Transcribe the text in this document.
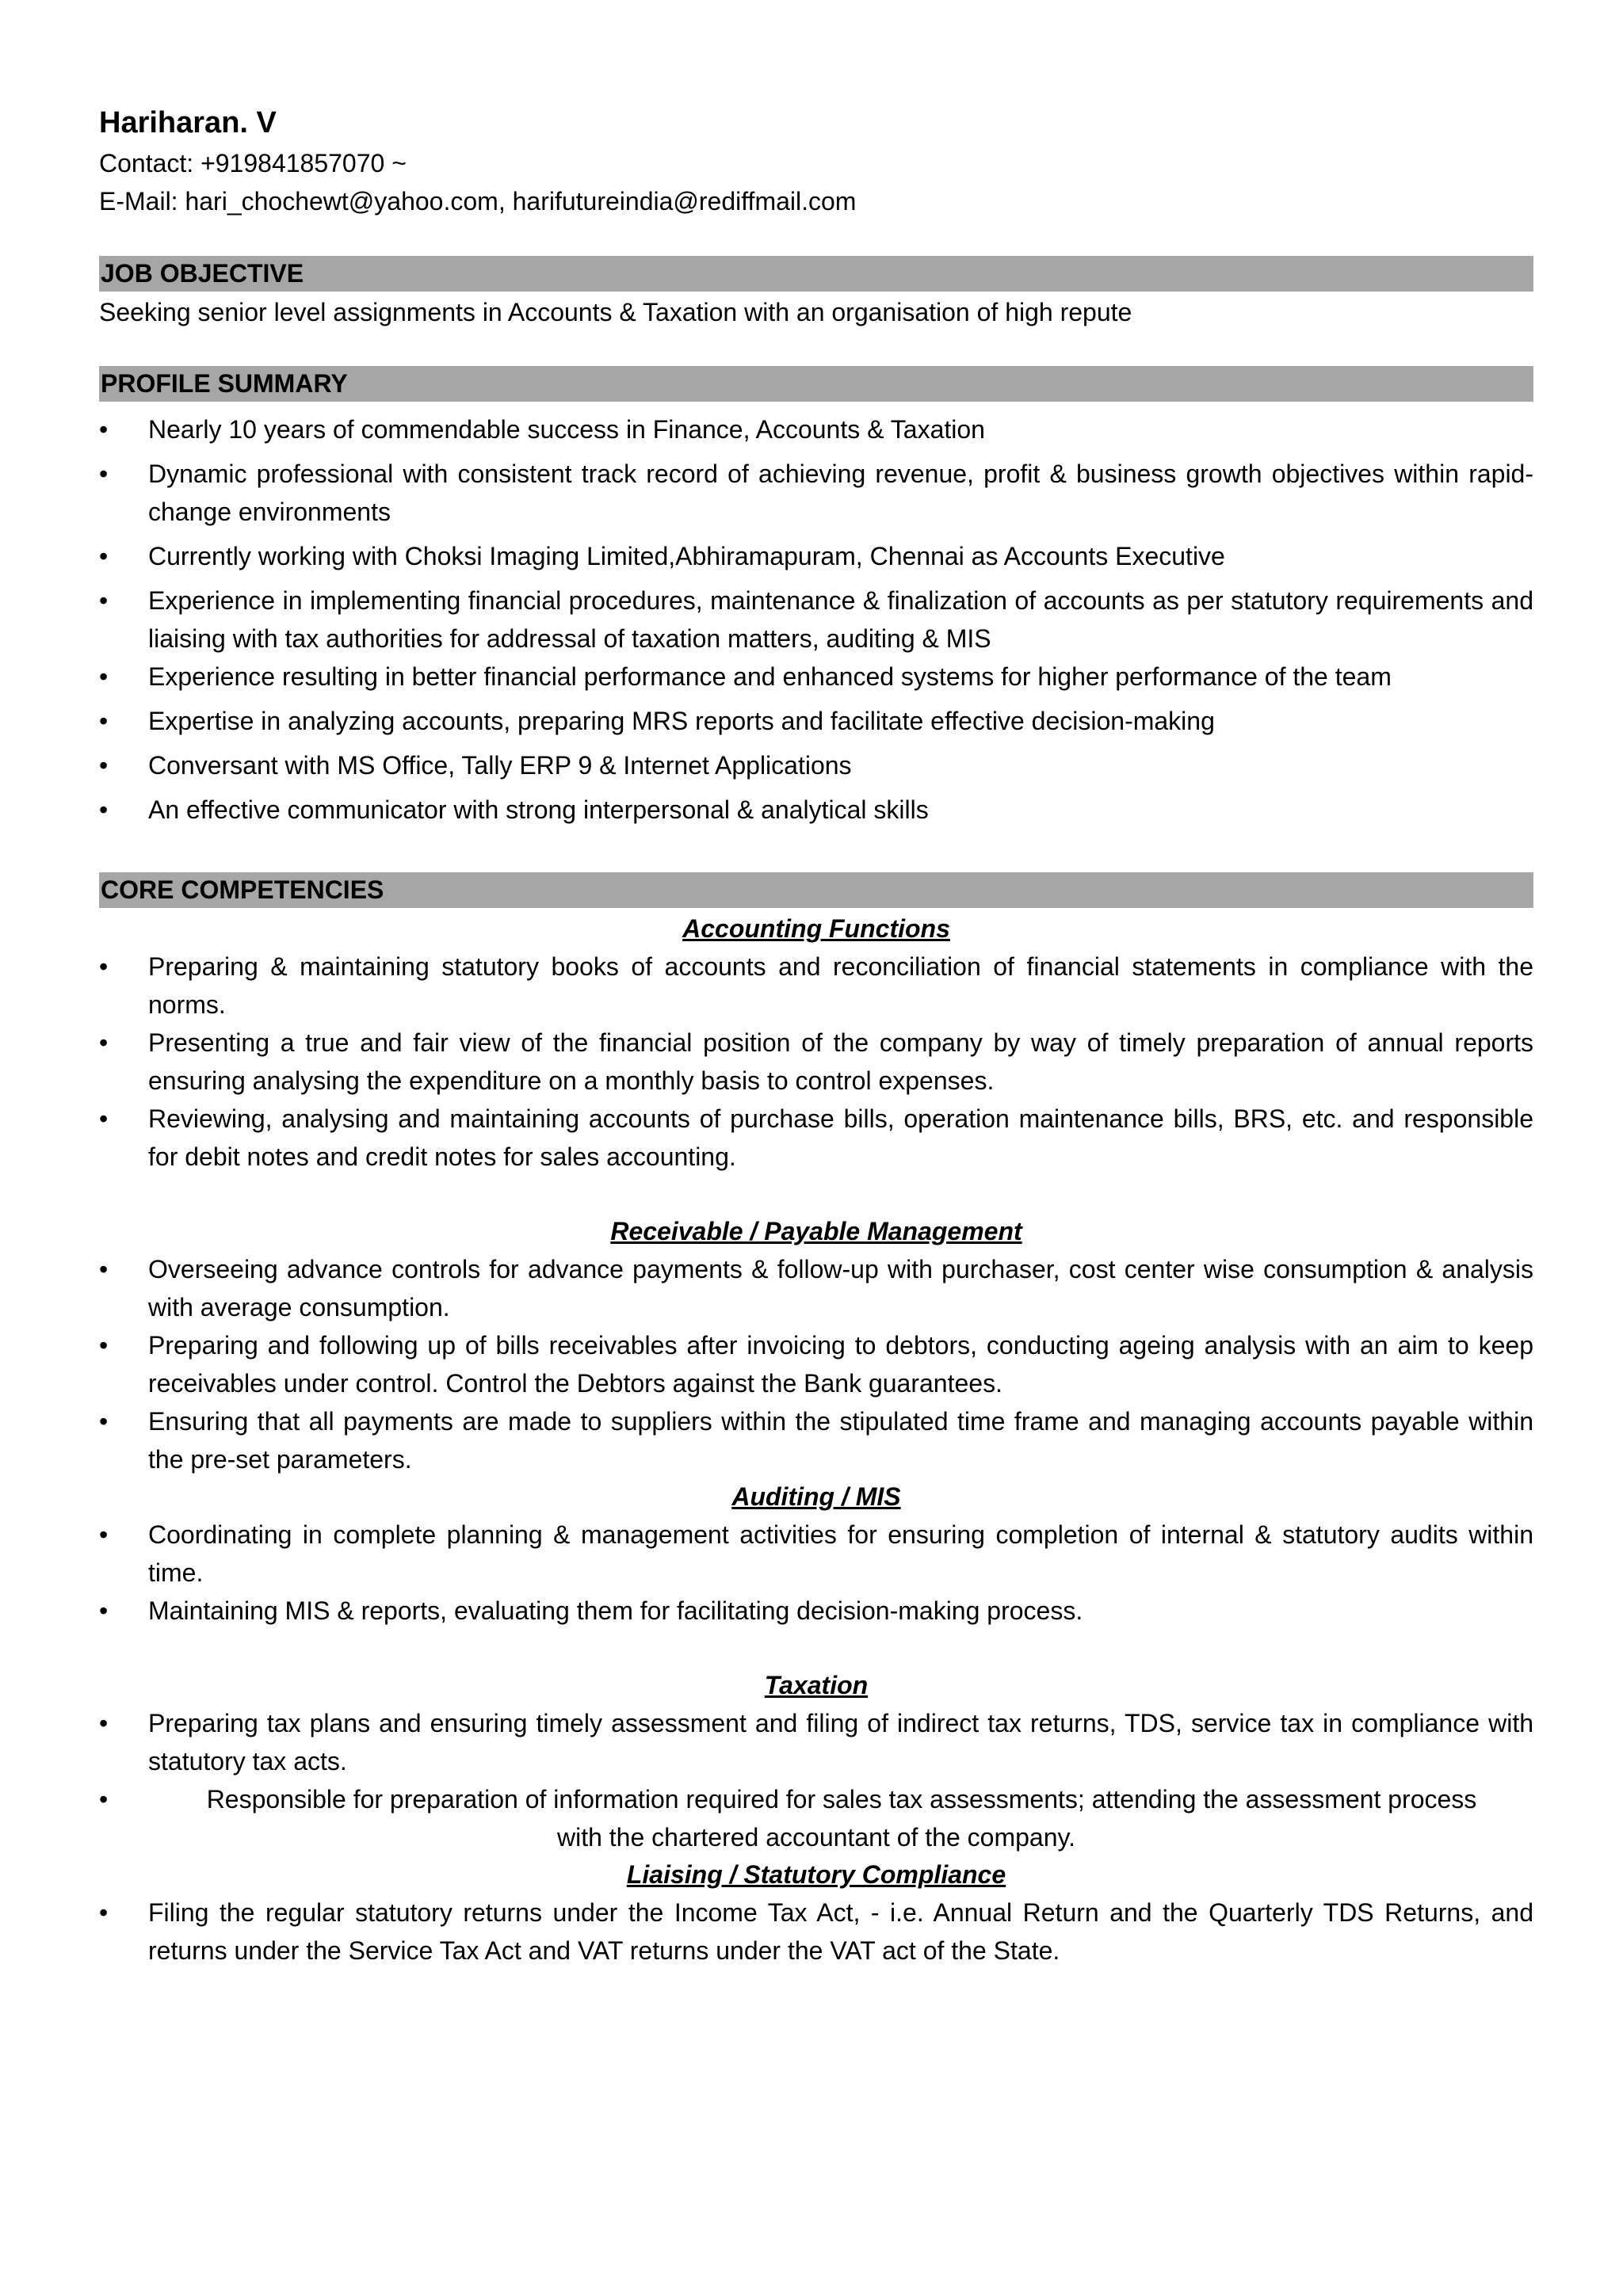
Hariharan. V
Contact: +919841857070 ~
E-Mail: hari_chochewt@yahoo.com, harifutureindia@rediffmail.com
JOB OBJECTIVE
Seeking senior level assignments in Accounts & Taxation with an organisation of high repute
PROFILE SUMMARY
•	Nearly 10 years of commendable success in Finance, Accounts & Taxation
•	Dynamic professional with consistent track record of achieving revenue, profit & business growth objectives within rapid-change environments
•	Currently working with Choksi Imaging Limited,Abhiramapuram, Chennai as Accounts Executive
•	Experience in implementing financial procedures, maintenance & finalization of accounts as per statutory requirements and liaising with tax authorities for addressal of taxation matters, auditing & MIS
•	Experience resulting in better financial performance and enhanced systems for higher performance of the team
•	Expertise in analyzing accounts, preparing MRS reports and facilitate effective decision-making
•	Conversant with MS Office, Tally ERP 9 & Internet Applications
•	An effective communicator with strong interpersonal & analytical skills
CORE COMPETENCIES
Accounting Functions
•	Preparing & maintaining statutory books of accounts and reconciliation of financial statements in compliance with the norms.
•	Presenting a true and fair view of the financial position of the company by way of timely preparation of annual reports ensuring analysing the expenditure on a monthly basis to control expenses.
•	Reviewing, analysing and maintaining accounts of purchase bills, operation maintenance bills, BRS, etc. and responsible for debit notes and credit notes for sales accounting.
Receivable / Payable Management
•	Overseeing advance controls for advance payments & follow-up with purchaser, cost center wise consumption & analysis with average consumption.
•	Preparing and following up of bills receivables after invoicing to debtors, conducting ageing analysis with an aim to keep receivables under control. Control the Debtors against the Bank guarantees.
•	Ensuring that all payments are made to suppliers within the stipulated time frame and managing accounts payable within the pre-set parameters.
Auditing / MIS
•	Coordinating in complete planning & management activities for ensuring completion of internal & statutory audits within time.
•	Maintaining MIS & reports, evaluating them for facilitating decision-making process.
Taxation
•	Preparing tax plans and ensuring timely assessment and filing of indirect tax returns, TDS, service tax in compliance with statutory tax acts.
•	Responsible for preparation of information required for sales tax assessments; attending the assessment process
with the chartered accountant of the company.
Liaising / Statutory Compliance
•	Filing the regular statutory returns under the Income Tax Act, - i.e. Annual Return and the Quarterly TDS Returns, and returns under the Service Tax Act and VAT returns under the VAT act of the State.
